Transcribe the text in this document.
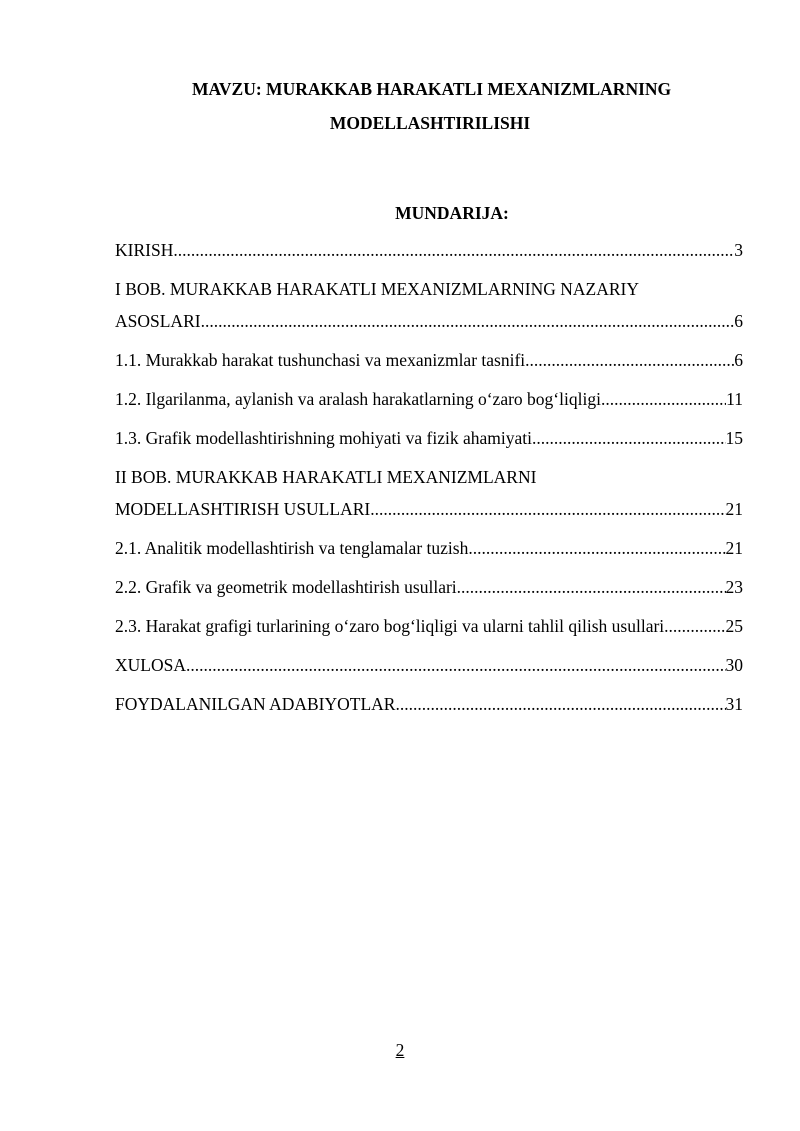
MAVZU: MURAKKAB HARAKATLI MEXANIZMLARNING
MODELLASHTIRILISHI
MUNDARIJA:
KIRISH .....	3
I BOB. MURAKKAB HARAKATLI MEXANIZMLARNING NAZARIY
ASOSLARI .....	6
1.1. Murakkab harakat tushunchasi va mexanizmlar tasnifi .....	6
1.2. Ilgarilanma, aylanish va aralash harakatlarning o‘zaro bog‘liqligi .....	11
1.3. Grafik modellashtirishning mohiyati va fizik ahamiyati .....	15
II BOB. MURAKKAB HARAKATLI MEXANIZMLARNI
MODELLASHTIRISH USULLARI .....	21
2.1. Analitik modellashtirish va tenglamalar tuzish .....	21
2.2. Grafik va geometrik modellashtirish usullari .....	23
2.3. Harakat grafigi turlarining o‘zaro bog‘liqligi va ularni tahlil qilish usullari .....	25
XULOSA .....	30
FOYDALANILGAN ADABIYOTLAR .....	31
2
